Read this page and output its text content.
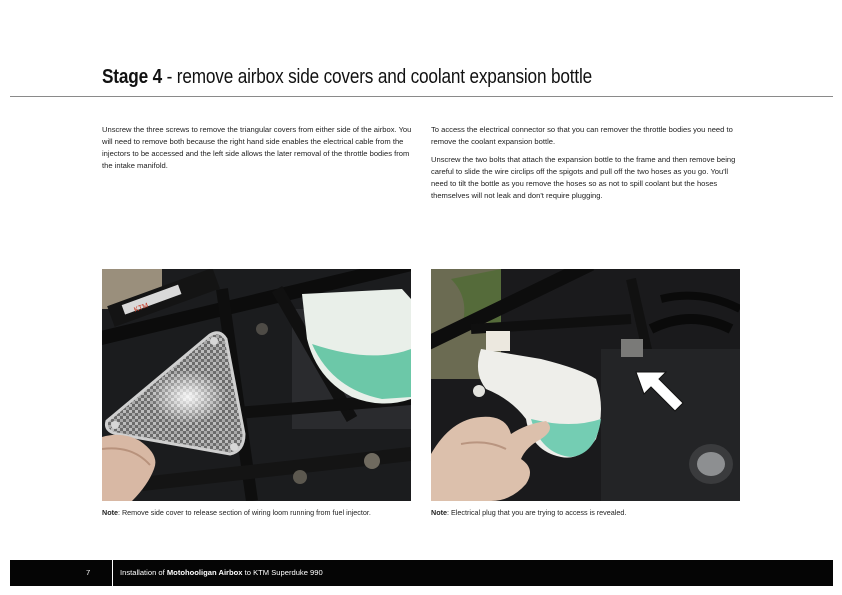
Stage 4 - remove airbox side covers and coolant expansion bottle

Unscrew the three screws to remove the triangular covers from either side of the airbox. You will need to remove both because the right hand side enables the electrical cable from the injectors to be accessed and the left side allows the later removal of the throttle bodies from the intake manifold.

To access the electrical connector so that you can remover the throttle bodies you need to remove the coolant expansion bottle.

Unscrew the two bolts that attach the expansion bottle to the frame and then remove being careful to slide the wire circlips off the spigots and pull off the two hoses as you go. You'll need to tilt the bottle as you remove the hoses so as not to spill coolant but the hoses themselves will not leak and don't require plugging.

KTM
Note: Remove side cover to release section of wiring loom running from fuel injector.	Note: Electrical plug that you are trying to access is revealed.
7	Installation of Motohooligan Airbox to KTM Superduke 990
